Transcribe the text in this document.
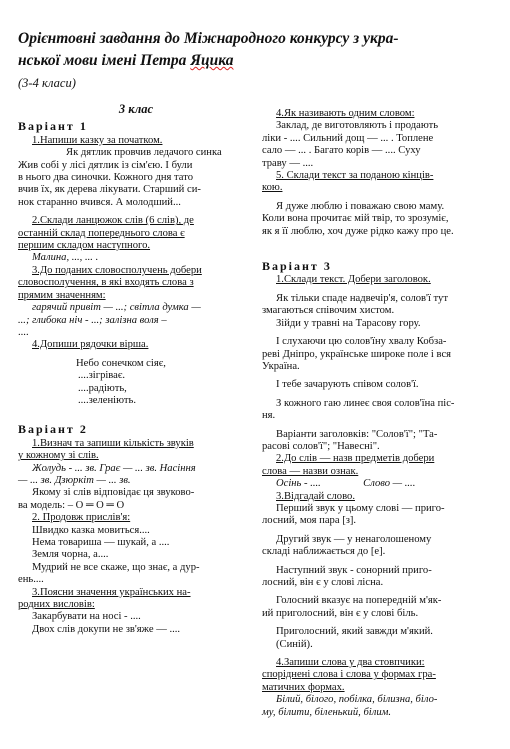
Орієнтовні завдання до Міжнародного конкурсу з укра-
нської мови імені Петра Яцика
(3-4 класи)

3 клас

Варіант 1

1.Напиши казку за початком.

Як дятлик провчив ледачого синка

Жив собі у лісі дятлик із сім'єю. І були

в нього два синочки. Кожного дня тато

вчив їх, як дерева лікувати. Старший си-

нок старанно вчився. А молодший...

2.Склади ланцюжок слів (6 слів), де

останній склад попереднього слова є

першим складом наступного.

Малина, ..., ... .

3.До поданих словосполучень добери

словосполучення, в які входять слова з

прямим значенням:

гарячий привіт — ...; світла думка —

...; глибока ніч - ...; залізна воля –

....

4.Допиши рядочки вірша.

Небо сонечком сіяє,

....зігріває.

....радіють,

....зеленіють.

Варіант 2

1.Визнач та запиши кількість звуків

у кожному зі слів.

Жолудь - ... зв. Грає — ... зв. Насіння

— ... зв. Дзюркіт — ... зв.

Якому зі слів відповідає ця звуково-

ва модель: – О ═ О ═ О

2. Продовж прислів'я:

Швидко казка мовиться....

Нема товариша — шукай, а ....

Земля чорна, а....

Мудрий не все скаже, що знає, а дур-

ень....

3.Поясни значення українських на-

родних висловів:

Закарбувати на носі - ....

Двох слів докупи не зв'яже — ....

4.Як називають одним словом:

Заклад, де виготовляють і продають

ліки - .... Сильний дощ — ... . Топлене

сало — ... . Багато корів — .... Суху

траву — ....

5. Склади текст за поданою кінців-

кою.

Я дуже люблю і поважаю свою маму.

Коли вона прочитає мій твір, то зрозуміє,

як я її люблю, хоч дуже рідко кажу про це.

Варіант 3

1.Склади текст. Добери заголовок.

Як тільки спаде надвечір'я, солов'ї тут

змагаються співочим хистом.

Зійди у травні на Тарасову гору.

І слухаючи цю солов'їну хвалу Кобза-

реві Дніпро, українське широке поле і вся

Україна.

І тебе зачарують співом солов'ї.

З кожного гаю линеє своя солов'їна піс-

ня.

Варіанти заголовків: "Солов'ї"; "Та-

расові солов'ї"; "Навесні".

2.До слів — назв предметів добери

слова — назви ознак.

Осінь - ....                Слово — ....

3.Відгадай слово.

Перший звук у цьому слові — приго-

лосний, моя пара [з].

Другий звук — у ненаголошеному

складі наближається до [е].

Наступний звук - сонорний приго-

лосний, він є у слові лісна.

Голосний вказує на попередній м'як-

ий приголосний, він є у слові біль.

Приголосний, який завжди м'який.

(Синій).

4.Запиши слова у два стовпчики:

споріднені слова і слова у формах гра-

матичних формах.

Білий, білого, побілка, білизна, біло-

му, білити, біленький, білим.
